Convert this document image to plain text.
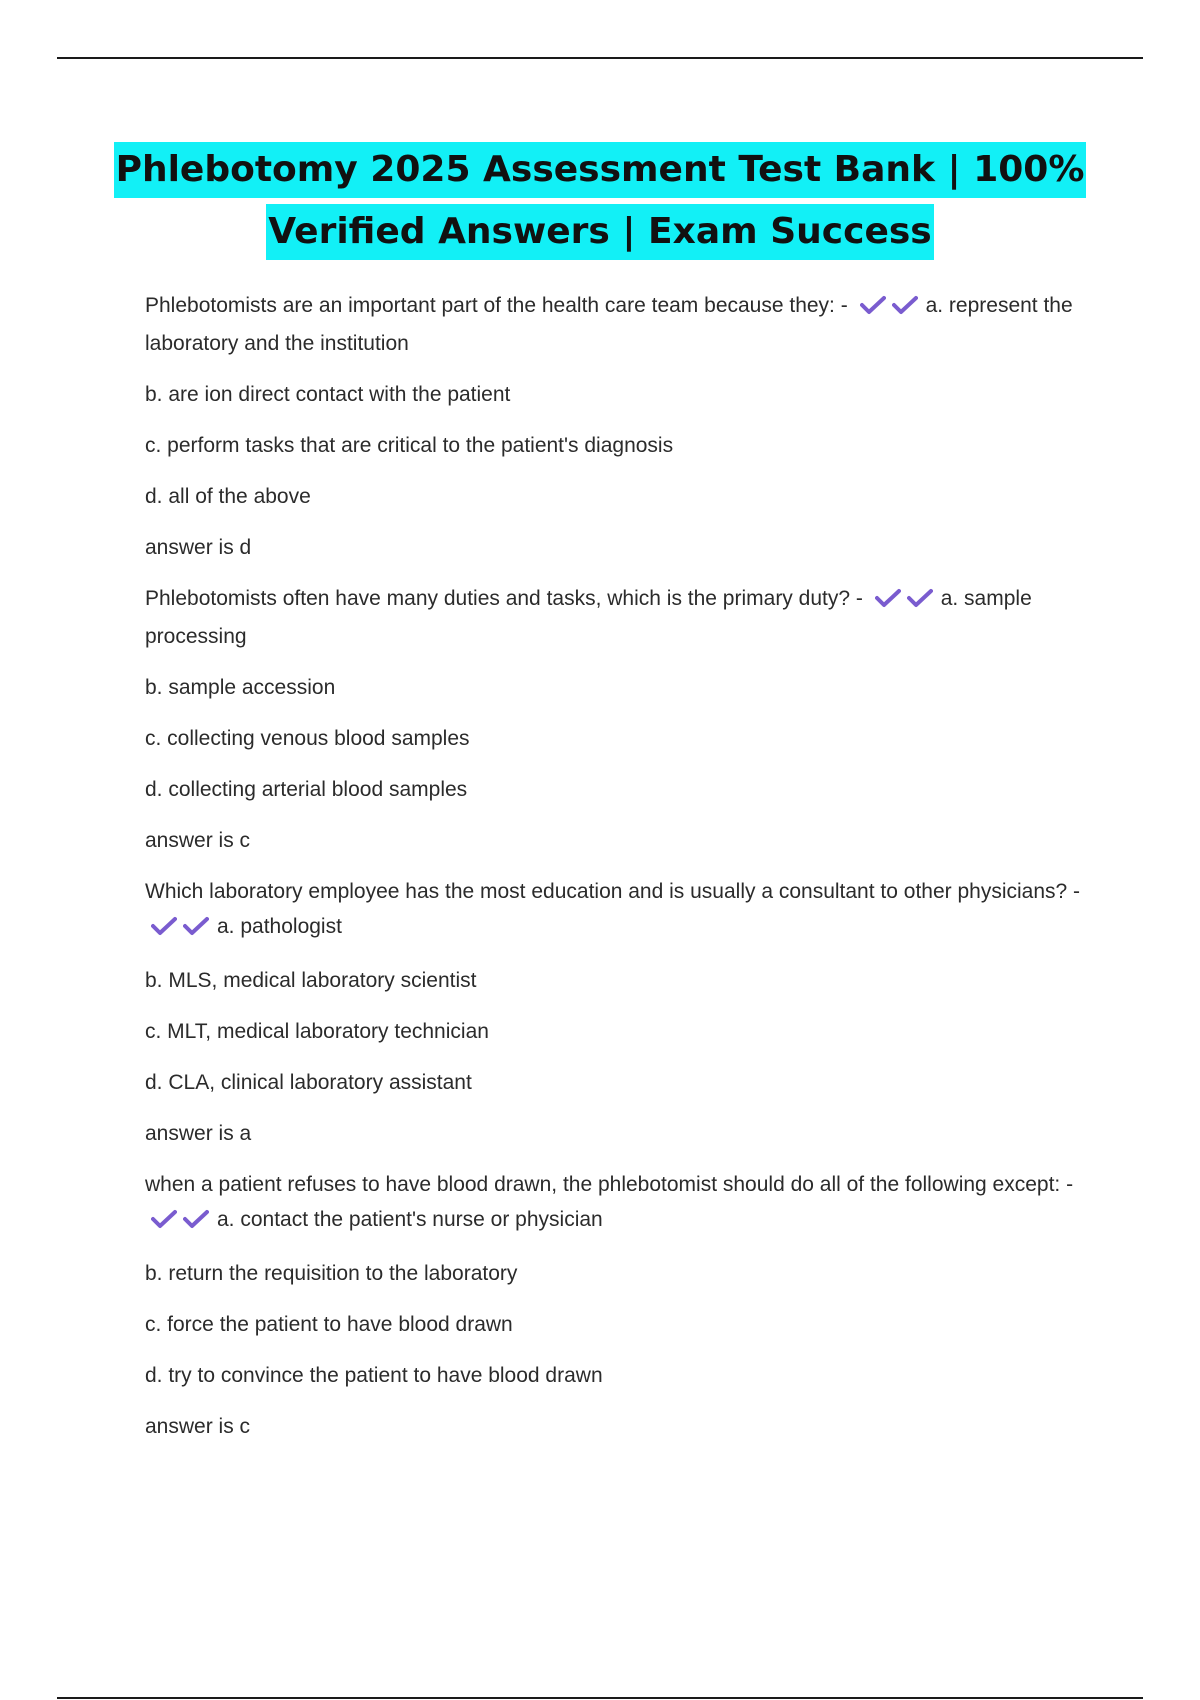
Phlebotomy 2025 Assessment Test Bank | 100%
Verified Answers | Exam Success

Phlebotomists are an important part of the health care team because they: -	a. represent the laboratory and the institution

b. are ion direct contact with the patient

c. perform tasks that are critical to the patient's diagnosis

d. all of the above

answer is d

Phlebotomists often have many duties and tasks, which is the primary duty? -	a. sample processing

b. sample accession

c. collecting venous blood samples

d. collecting arterial blood samples

answer is c

Which laboratory employee has the most education and is usually a consultant to other physicians? -
a. pathologist

b. MLS, medical laboratory scientist

c. MLT, medical laboratory technician

d. CLA, clinical laboratory assistant

answer is a

when a patient refuses to have blood drawn, the phlebotomist should do all of the following except: -
a. contact the patient's nurse or physician

b. return the requisition to the laboratory

c. force the patient to have blood drawn

d. try to convince the patient to have blood drawn

answer is c
